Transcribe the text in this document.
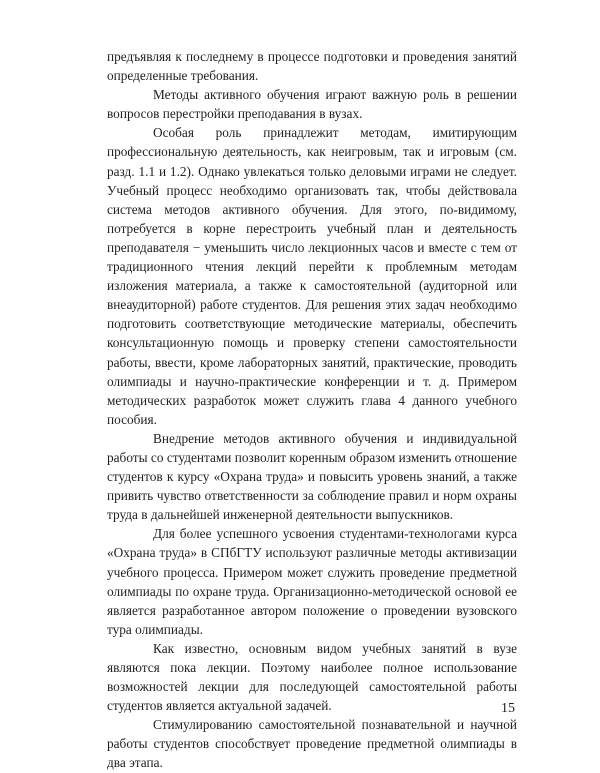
предъявляя к последнему в процессе подготовки и проведения занятий определенные требования.

Методы активного обучения играют важную роль в решении вопросов перестройки преподавания в вузах.

Особая роль принадлежит методам, имитирующим профессиональную деятельность, как неигровым, так и игровым (см. разд. 1.1 и 1.2). Однако увлекаться только деловыми играми не следует. Учебный процесс необходимо организовать так, чтобы действовала система методов активного обучения. Для этого, по-видимому, потребуется в корне перестроить учебный план и деятельность преподавателя − уменьшить число лекционных часов и вместе с тем от традиционного чтения лекций перейти к проблемным методам изложения материала, а также к самостоятельной (аудиторной или внеаудиторной) работе студентов. Для решения этих задач необходимо подготовить соответствующие методические материалы, обеспечить консультационную помощь и проверку степени самостоятельности работы, ввести, кроме лабораторных занятий, практические, проводить олимпиады и научно-практические конференции и т. д. Примером методических разработок может служить глава 4 данного учебного пособия.

Внедрение методов активного обучения и индивидуальной работы со студентами позволит коренным образом изменить отношение студентов к курсу «Охрана труда» и повысить уровень знаний, а также привить чувство ответственности за соблюдение правил и норм охраны труда в дальнейшей инженерной деятельности выпускников.

Для более успешного усвоения студентами-технологами курса «Охрана труда» в СПбГТУ используют различные методы активизации учебного процесса. Примером может служить проведение предметной олимпиады по охране труда. Организационно-методической основой ее является разработанное автором положение о проведении вузовского тура олимпиады.

Как известно, основным видом учебных занятий в вузе являются пока лекции. Поэтому наиболее полное использование возможностей лекции для последующей самостоятельной работы студентов является актуальной задачей.

Стимулированию самостоятельной познавательной и научной работы студентов способствует проведение предметной олимпиады в два этапа.

15
